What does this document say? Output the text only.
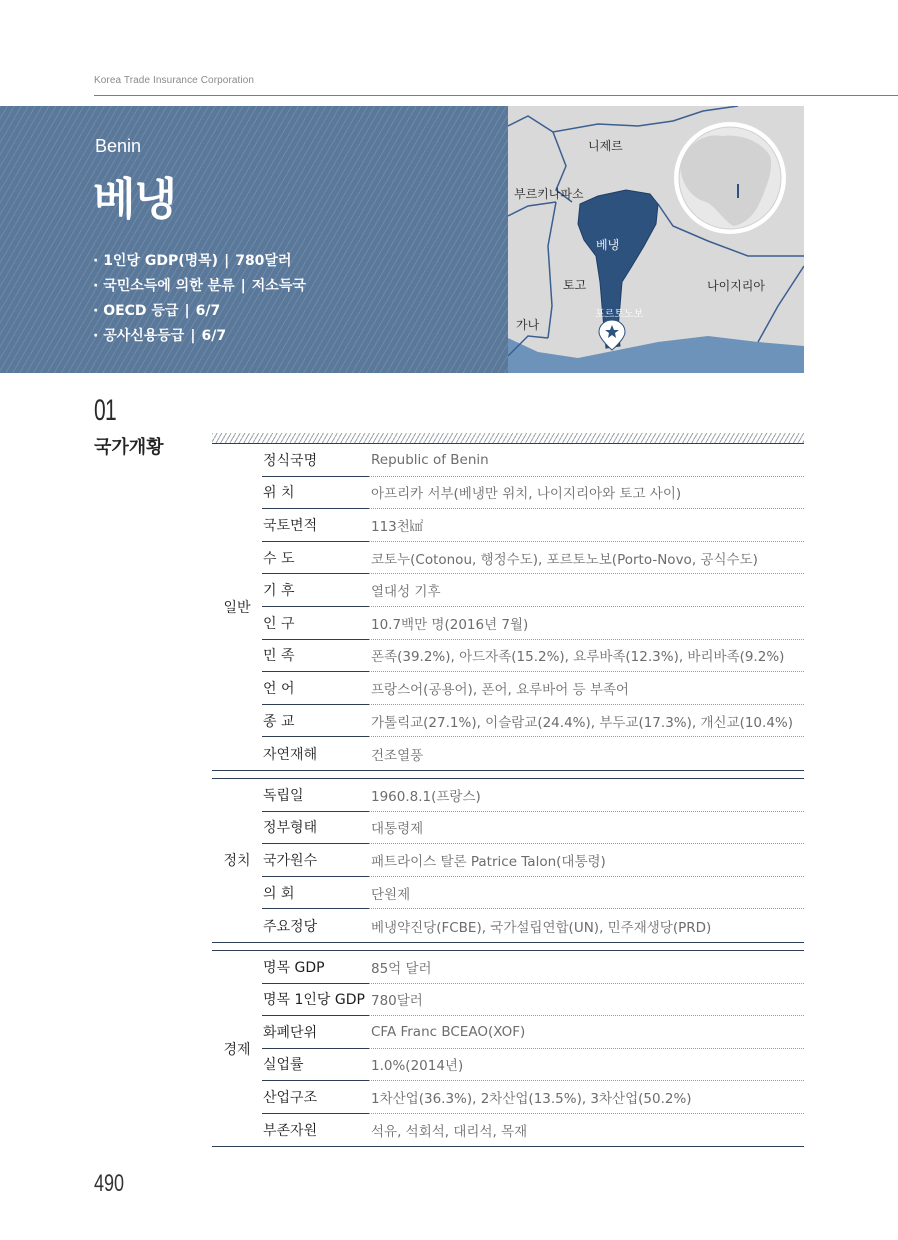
Korea Trade Insurance Corporation
Benin
베냉
· 1인당 GDP(명목) | 780달러
· 국민소득에 의한 분류 | 저소득국
· OECD 등급 | 6/7
· 공사신용등급 | 6/7
니제르
부르키나파소
베냉
토고	나이지리아
가나
포르토노보
01
국가개황
일반
정식국명	Republic of Benin
위 치	아프리카 서부(베냉만 위치, 나이지리아와 토고 사이)
국토면적	113천㎢
수 도	코토누(Cotonou, 행정수도), 포르토노보(Porto-Novo, 공식수도)
기 후	열대성 기후
인 구	10.7백만 명(2016년 7월)
민 족	폰족(39.2%), 아드자족(15.2%), 요루바족(12.3%), 바리바족(9.2%)
언 어	프랑스어(공용어), 폰어, 요루바어 등 부족어
종 교	가톨릭교(27.1%), 이슬람교(24.4%), 부두교(17.3%), 개신교(10.4%)
자연재해	건조열풍
정치
독립일	1960.8.1(프랑스)
정부형태	대통령제
국가원수	패트라이스 탈론 Patrice Talon(대통령)
의 회	단원제
주요정당	베냉약진당(FCBE), 국가설립연합(UN), 민주재생당(PRD)
경제
명목 GDP	85억 달러
명목 1인당 GDP 780달러
화폐단위	CFA Franc BCEAO(XOF)
실업률	1.0%(2014년)
산업구조	1차산업(36.3%), 2차산업(13.5%), 3차산업(50.2%)
부존자원	석유, 석회석, 대리석, 목재
490
